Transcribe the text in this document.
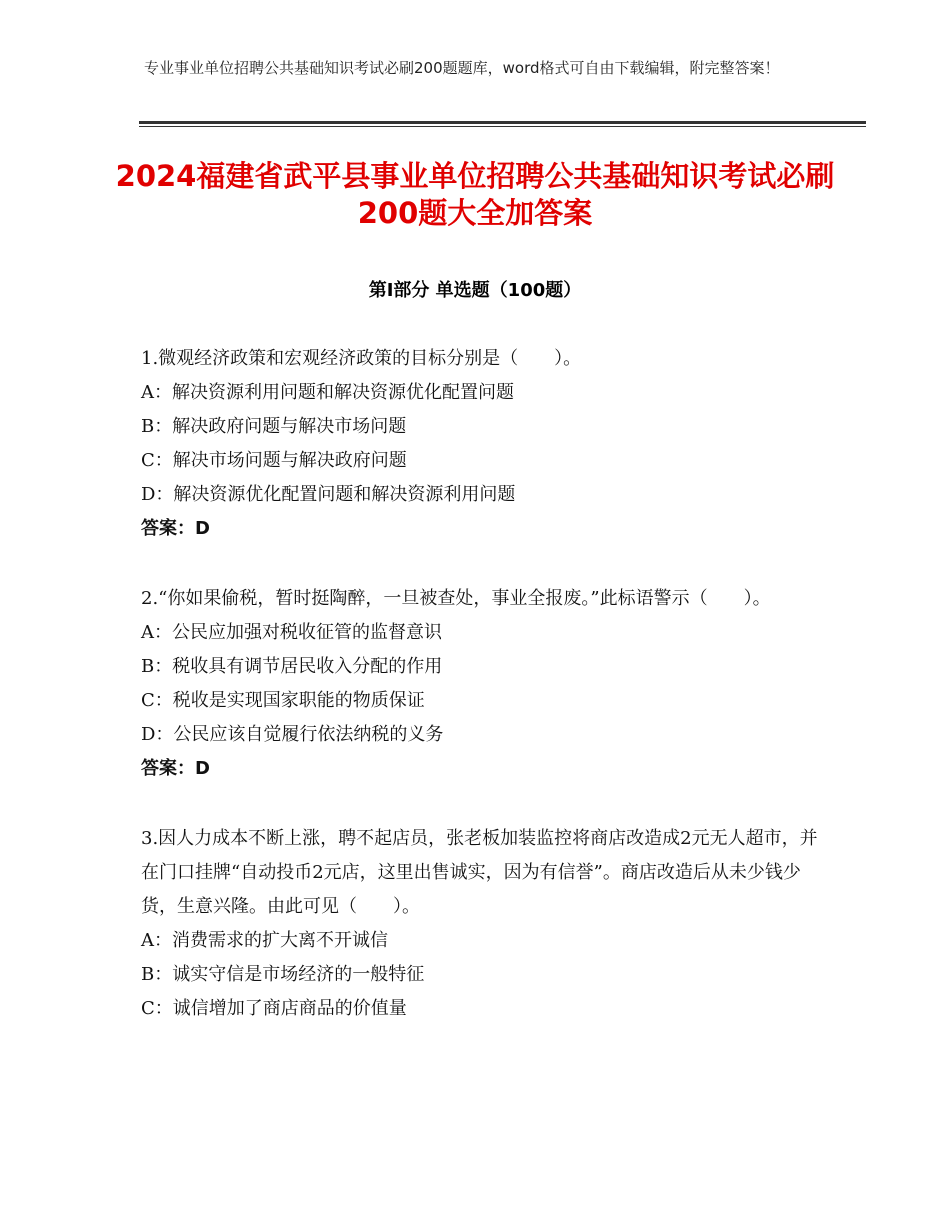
专业事业单位招聘公共基础知识考试必刷200题题库，word格式可自由下载编辑，附完整答案！
2024福建省武平县事业单位招聘公共基础知识考试必刷200题大全加答案
第Ⅰ部分 单选题（100题）

1.微观经济政策和宏观经济政策的目标分别是（　　）。

A：解决资源利用问题和解决资源优化配置问题

B：解决政府问题与解决市场问题

C：解决市场问题与解决政府问题

D：解决资源优化配置问题和解决资源利用问题

答案：D

2.“你如果偷税，暂时挺陶醉，一旦被查处，事业全报废。”此标语警示（　　）。

A：公民应加强对税收征管的监督意识

B：税收具有调节居民收入分配的作用

C：税收是实现国家职能的物质保证

D：公民应该自觉履行依法纳税的义务

答案：D

3.因人力成本不断上涨，聘不起店员，张老板加装监控将商店改造成2元无人超市，并在门口挂牌“自动投币2元店，这里出售诚实，因为有信誉”。商店改造后从未少钱少货，生意兴隆。由此可见（　　）。

A：消费需求的扩大离不开诚信

B：诚实守信是市场经济的一般特征

C：诚信增加了商店商品的价值量
